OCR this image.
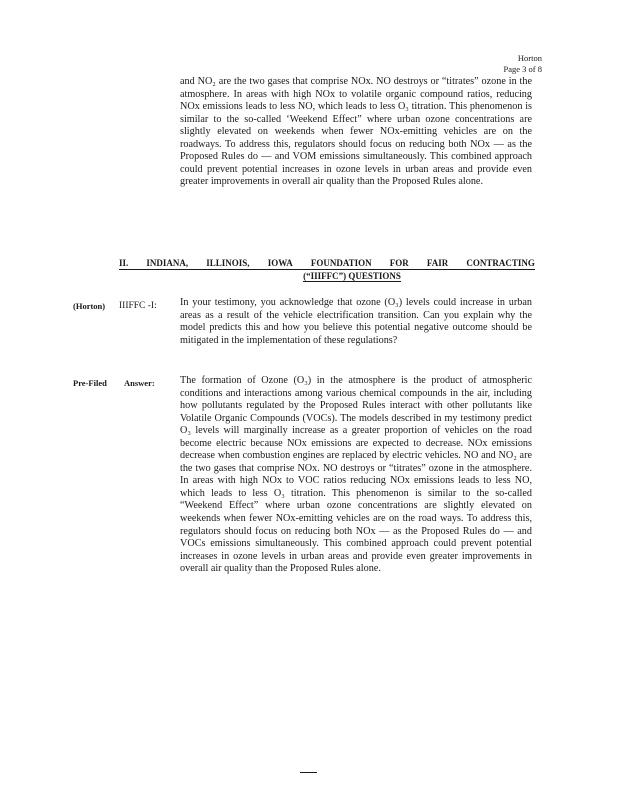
Horton
Page 3 of 8
and NO₂ are the two gases that comprise NOx. NO destroys or “titrates” ozone in the atmosphere. In areas with high NOx to volatile organic compound ratios, reducing NOx emissions leads to less NO, which leads to less O₃ titration. This phenomenon is similar to the so-called ‘Weekend Effect” where urban ozone concentrations are slightly elevated on weekends when fewer NOx-emitting vehicles are on the roadways. To address this, regulators should focus on reducing both NOx — as the Proposed Rules do — and VOM emissions simultaneously. This combined approach could prevent potential increases in ozone levels in urban areas and provide even greater improvements in overall air quality than the Proposed Rules alone.
II. INDIANA, ILLINOIS, IOWA FOUNDATION FOR FAIR CONTRACTING
(“IIIFFC”) QUESTIONS
(Horton) IIIFFC -I: In your testimony, you acknowledge that ozone (O₃) levels could increase in urban areas as a result of the vehicle electrification transition. Can you explain why the model predicts this and how you believe this potential negative outcome should be mitigated in the implementation of these regulations?
Pre-Filed Answer: The formation of Ozone (O₃) in the atmosphere is the product of atmospheric conditions and interactions among various chemical compounds in the air, including how pollutants regulated by the Proposed Rules interact with other pollutants like Volatile Organic Compounds (VOCs). The models described in my testimony predict O₃ levels will marginally increase as a greater proportion of vehicles on the road become electric because NOx emissions are expected to decrease. NOx emissions decrease when combustion engines are replaced by electric vehicles. NO and NO₂ are the two gases that comprise NOx. NO destroys or “titrates” ozone in the atmosphere. In areas with high NOx to VOC ratios reducing NOx emissions leads to less NO, which leads to less O₃ titration. This phenomenon is similar to the so-called “Weekend Effect” where urban ozone concentrations are slightly elevated on weekends when fewer NOx-emitting vehicles are on the road ways. To address this, regulators should focus on reducing both NOx — as the Proposed Rules do — and VOCs emissions simultaneously. This combined approach could prevent potential increases in ozone levels in urban areas and provide even greater improvements in overall air quality than the Proposed Rules alone.
